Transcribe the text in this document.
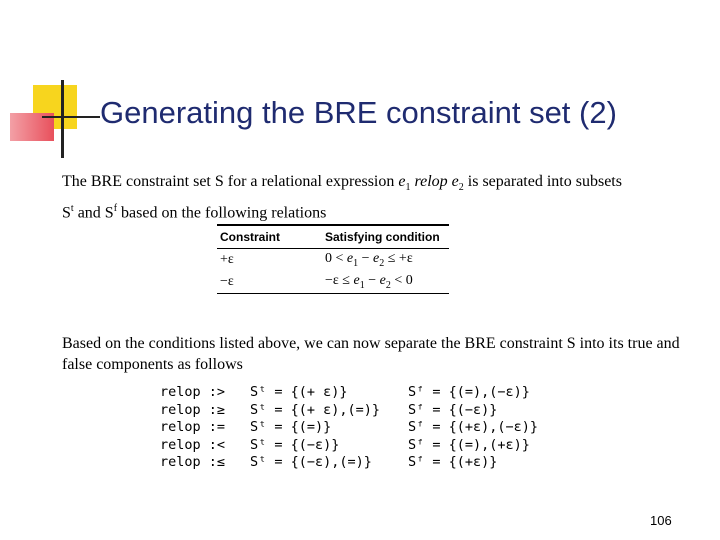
Generating the BRE constraint set (2)
The BRE constraint set S for a relational expression $e_1$ relop $e_2$ is separated into subsets
$S^t$ and $S^f$ based on the following relations
Constraint	Satisfying condition
+ε	$0 < e_1 - e_2 \le +\varepsilon$
−ε	$-\varepsilon \le e_1 - e_2 < 0$
Based on the conditions listed above, we can now separate the BRE constraint S into its true and false components as follows
relop :>	Sᵗ = {(+ ε)}	Sᶠ = {(=),(−ε)}
relop :≥	Sᵗ = {(+ ε),(=)}	Sᶠ = {(−ε)}
relop :=	Sᵗ = {(=)}	Sᶠ = {(+ε),(−ε)}
relop :<	Sᵗ = {(−ε)}	Sᶠ = {(=),(+ε)}
relop :≤	Sᵗ = {(−ε),(=)}	Sᶠ = {(+ε)}
106
